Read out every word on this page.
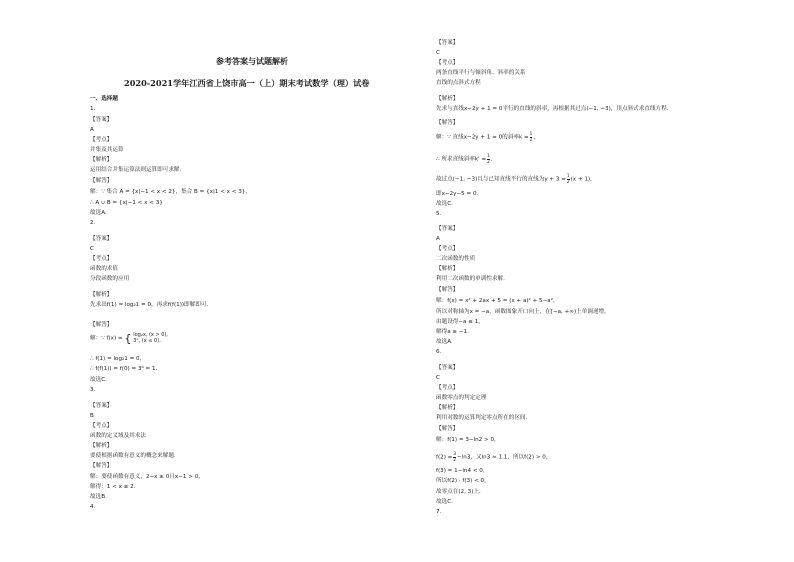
参考答案与试题解析
2020-2021学年江西省上饶市高一（上）期末考试数学（理）试卷
一、选择题
1.
【答案】
A
【考点】
并集及其运算
【解析】
运用结合并集运算法则运算即可求解.
【解答】
解：∵ 集合 A = {x|−1 < x < 2}，集合 B = {x|1 < x < 3}，
∴ A ∪ B = {x|−1 < x < 3}
故选A.
2.
【答案】
C
【考点】
函数的求值
分段函数的应用
【解析】
先求出f(1) = log₂1 = 0，再求f(f(1))即解即可.
【解答】
解：∵ f(x) = { log₂x, (x > 0),
3ˣ, (x ≤ 0),
∴ f(1) = log₂1 = 0，
∴ f(f(1)) = f(0) = 3⁰ = 1.
故选C.
3.
【答案】
B
【考点】
函数的定义域及其求法
【解析】
要使根据函数有意义的概念来解题.
【解答】
解：要使函数有意义，2−x ≥ 0且x−1 > 0，
解得：1 < x ≤ 2.
故选B.
4.
【答案】
C
【考点】
两条直线平行与倾斜角、斜率的关系
直线的点斜式方程
【解析】
先求与直线x−2y + 1 = 0平行的直线的斜率，再根据其过点(−1, −3)，用点斜式求直线方程.
【解答】
解：∵ 直线x−2y + 1 = 0的斜率$k = \frac{1}{2}$ ，
∴ 所求直线斜率$k' = \frac{1}{2}$ .
故过点(−1, −3)且与已知直线平行的直线为$y + 3 = \frac{1}{2} (x + 1)$，
即x−2y−5 = 0.
故选C.
5.
【答案】
A
【考点】
二次函数的性质
【解析】
利用二次函数的单调性求解.
【解答】
解：f(x) = x² + 2ax + 5 = (x + a)² + 5−a²，
所以对称轴为x = −a，函数图象开口向上，在[−a, +∞)上单调递增，
由题设得−a ≤ 1，
解得a ≥ −1.
故选A.
6.
【答案】
C
【考点】
函数零点的判定定理
【解析】
利用对数的运算判定零点所在的区间.
【解答】
解：f(1) = 3−ln2 > 0，
$f(2) = \frac{3}{2} -\ln 3$，又ln3 ≈ 1.1，所以f(2) > 0，
f(3) = 1−ln4 < 0，
所以f(2) · f(3) < 0，
故零点在(2, 3)上.
故选C.
7.
